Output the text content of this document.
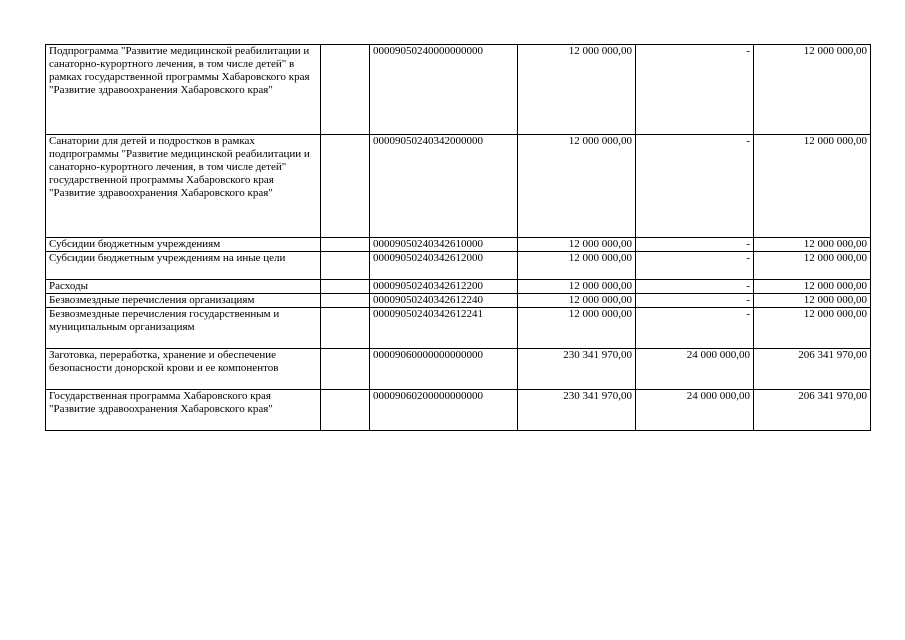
Подпрограмма "Развитие медицинской реабилитации и санаторно-курортного лечения, в том числе детей" в рамках государственной программы Хабаровского края "Развитие здравоохранения Хабаровского края"		00009050240000000000	12 000 000,00	-	12 000 000,00
Санатории для детей и подростков в рамках подпрограммы "Развитие медицинской реабилитации и санаторно-курортного лечения, в том числе детей" государственной программы Хабаровского края "Развитие здравоохранения Хабаровского края"		00009050240342000000	12 000 000,00	-	12 000 000,00
Субсидии бюджетным учреждениям		00009050240342610000	12 000 000,00	-	12 000 000,00
Субсидии бюджетным учреждениям на иные цели		00009050240342612000	12 000 000,00	-	12 000 000,00
Расходы		00009050240342612200	12 000 000,00	-	12 000 000,00
Безвозмездные перечисления организациям		00009050240342612240	12 000 000,00	-	12 000 000,00
Безвозмездные перечисления государственным и муниципальным организациям		00009050240342612241	12 000 000,00	-	12 000 000,00
Заготовка, переработка, хранение и обеспечение безопасности донорской крови и ее компонентов		00009060000000000000	230 341 970,00	24 000 000,00	206 341 970,00
Государственная программа Хабаровского края "Развитие здравоохранения Хабаровского края"		00009060200000000000	230 341 970,00	24 000 000,00	206 341 970,00
